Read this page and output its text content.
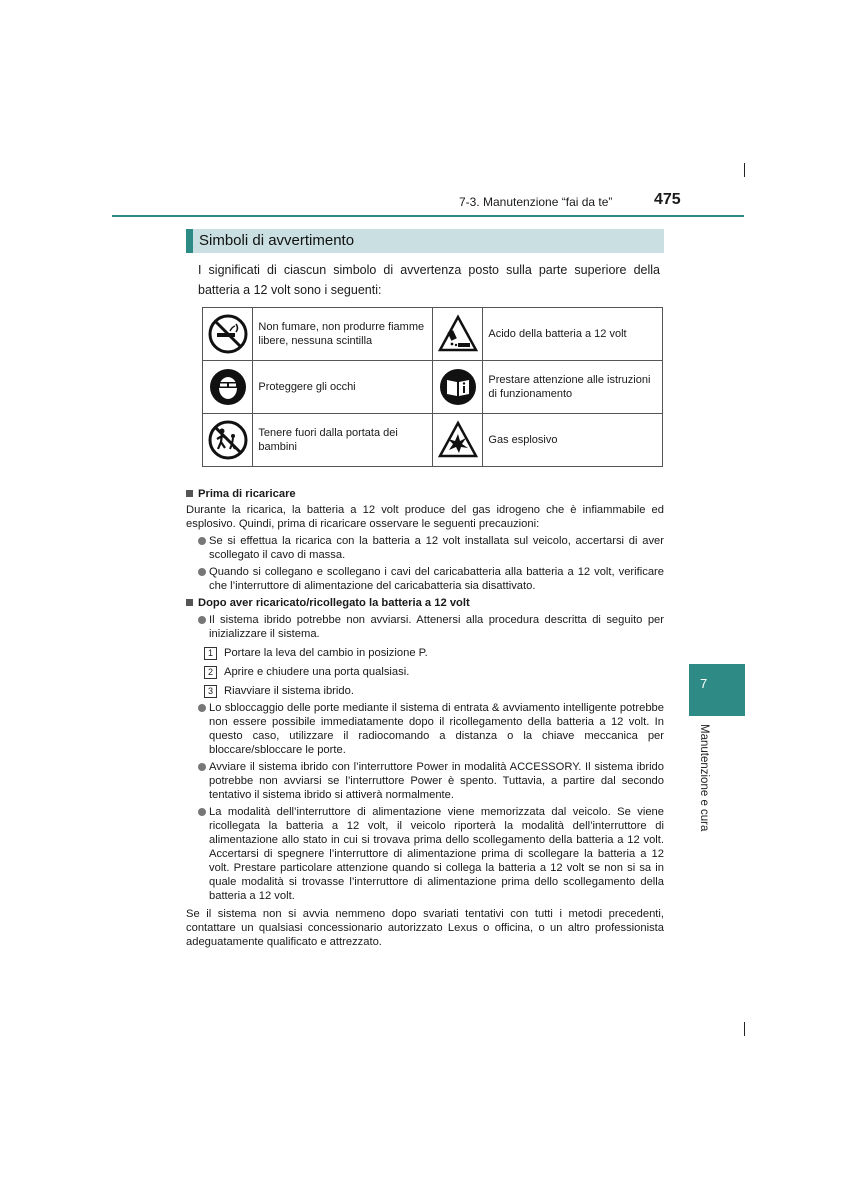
7-3. Manutenzione “fai da te”	475
Simboli di avvertimento
I significati di ciascun simbolo di avvertenza posto sulla parte superiore della batteria a 12 volt sono i seguenti:
	Non fumare, non produrre fiamme libere, nessuna scintilla		Acido della batteria a 12 volt

	Proteggere gli occhi		Prestare attenzione alle istruzioni di funzionamento

	Tenere fuori dalla portata dei bambini		Gas esplosivo
Prima di ricaricare

Durante la ricarica, la batteria a 12 volt produce del gas idrogeno che è infiammabile ed esplosivo. Quindi, prima di ricaricare osservare le seguenti precauzioni:

Se si effettua la ricarica con la batteria a 12 volt installata sul veicolo, accertarsi di aver scollegato il cavo di massa.
Quando si collegano e scollegano i cavi del caricabatteria alla batteria a 12 volt, verificare che l’interruttore di alimentazione del caricabatteria sia disattivato.
Dopo aver ricaricato/ricollegato la batteria a 12 volt
Il sistema ibrido potrebbe non avviarsi. Attenersi alla procedura descritta di seguito per inizializzare il sistema.
1 Portare la leva del cambio in posizione P.
2 Aprire e chiudere una porta qualsiasi.
3 Riavviare il sistema ibrido.
Lo sbloccaggio delle porte mediante il sistema di entrata & avviamento intelligente potrebbe non essere possibile immediatamente dopo il ricollegamento della batteria a 12 volt. In questo caso, utilizzare il radiocomando a distanza o la chiave meccanica per bloccare/sbloccare le porte.
Avviare il sistema ibrido con l’interruttore Power in modalità ACCESSORY. Il sistema ibrido potrebbe non avviarsi se l’interruttore Power è spento. Tuttavia, a partire dal secondo tentativo il sistema ibrido si attiverà normalmente.
La modalità dell’interruttore di alimentazione viene memorizzata dal veicolo. Se viene ricollegata la batteria a 12 volt, il veicolo riporterà la modalità dell’interruttore di alimentazione allo stato in cui si trovava prima dello scollegamento della batteria a 12 volt. Accertarsi di spegnere l’interruttore di alimentazione prima di scollegare la batteria a 12 volt. Prestare particolare attenzione quando si collega la batteria a 12 volt se non si sa in quale modalità si trovasse l’interruttore di alimentazione prima dello scollegamento della batteria a 12 volt.

Se il sistema non si avvia nemmeno dopo svariati tentativi con tutti i metodi precedenti, contattare un qualsiasi concessionario autorizzato Lexus o officina, o un altro professionista adeguatamente qualificato e attrezzato.

7
Manutenzione e cura
